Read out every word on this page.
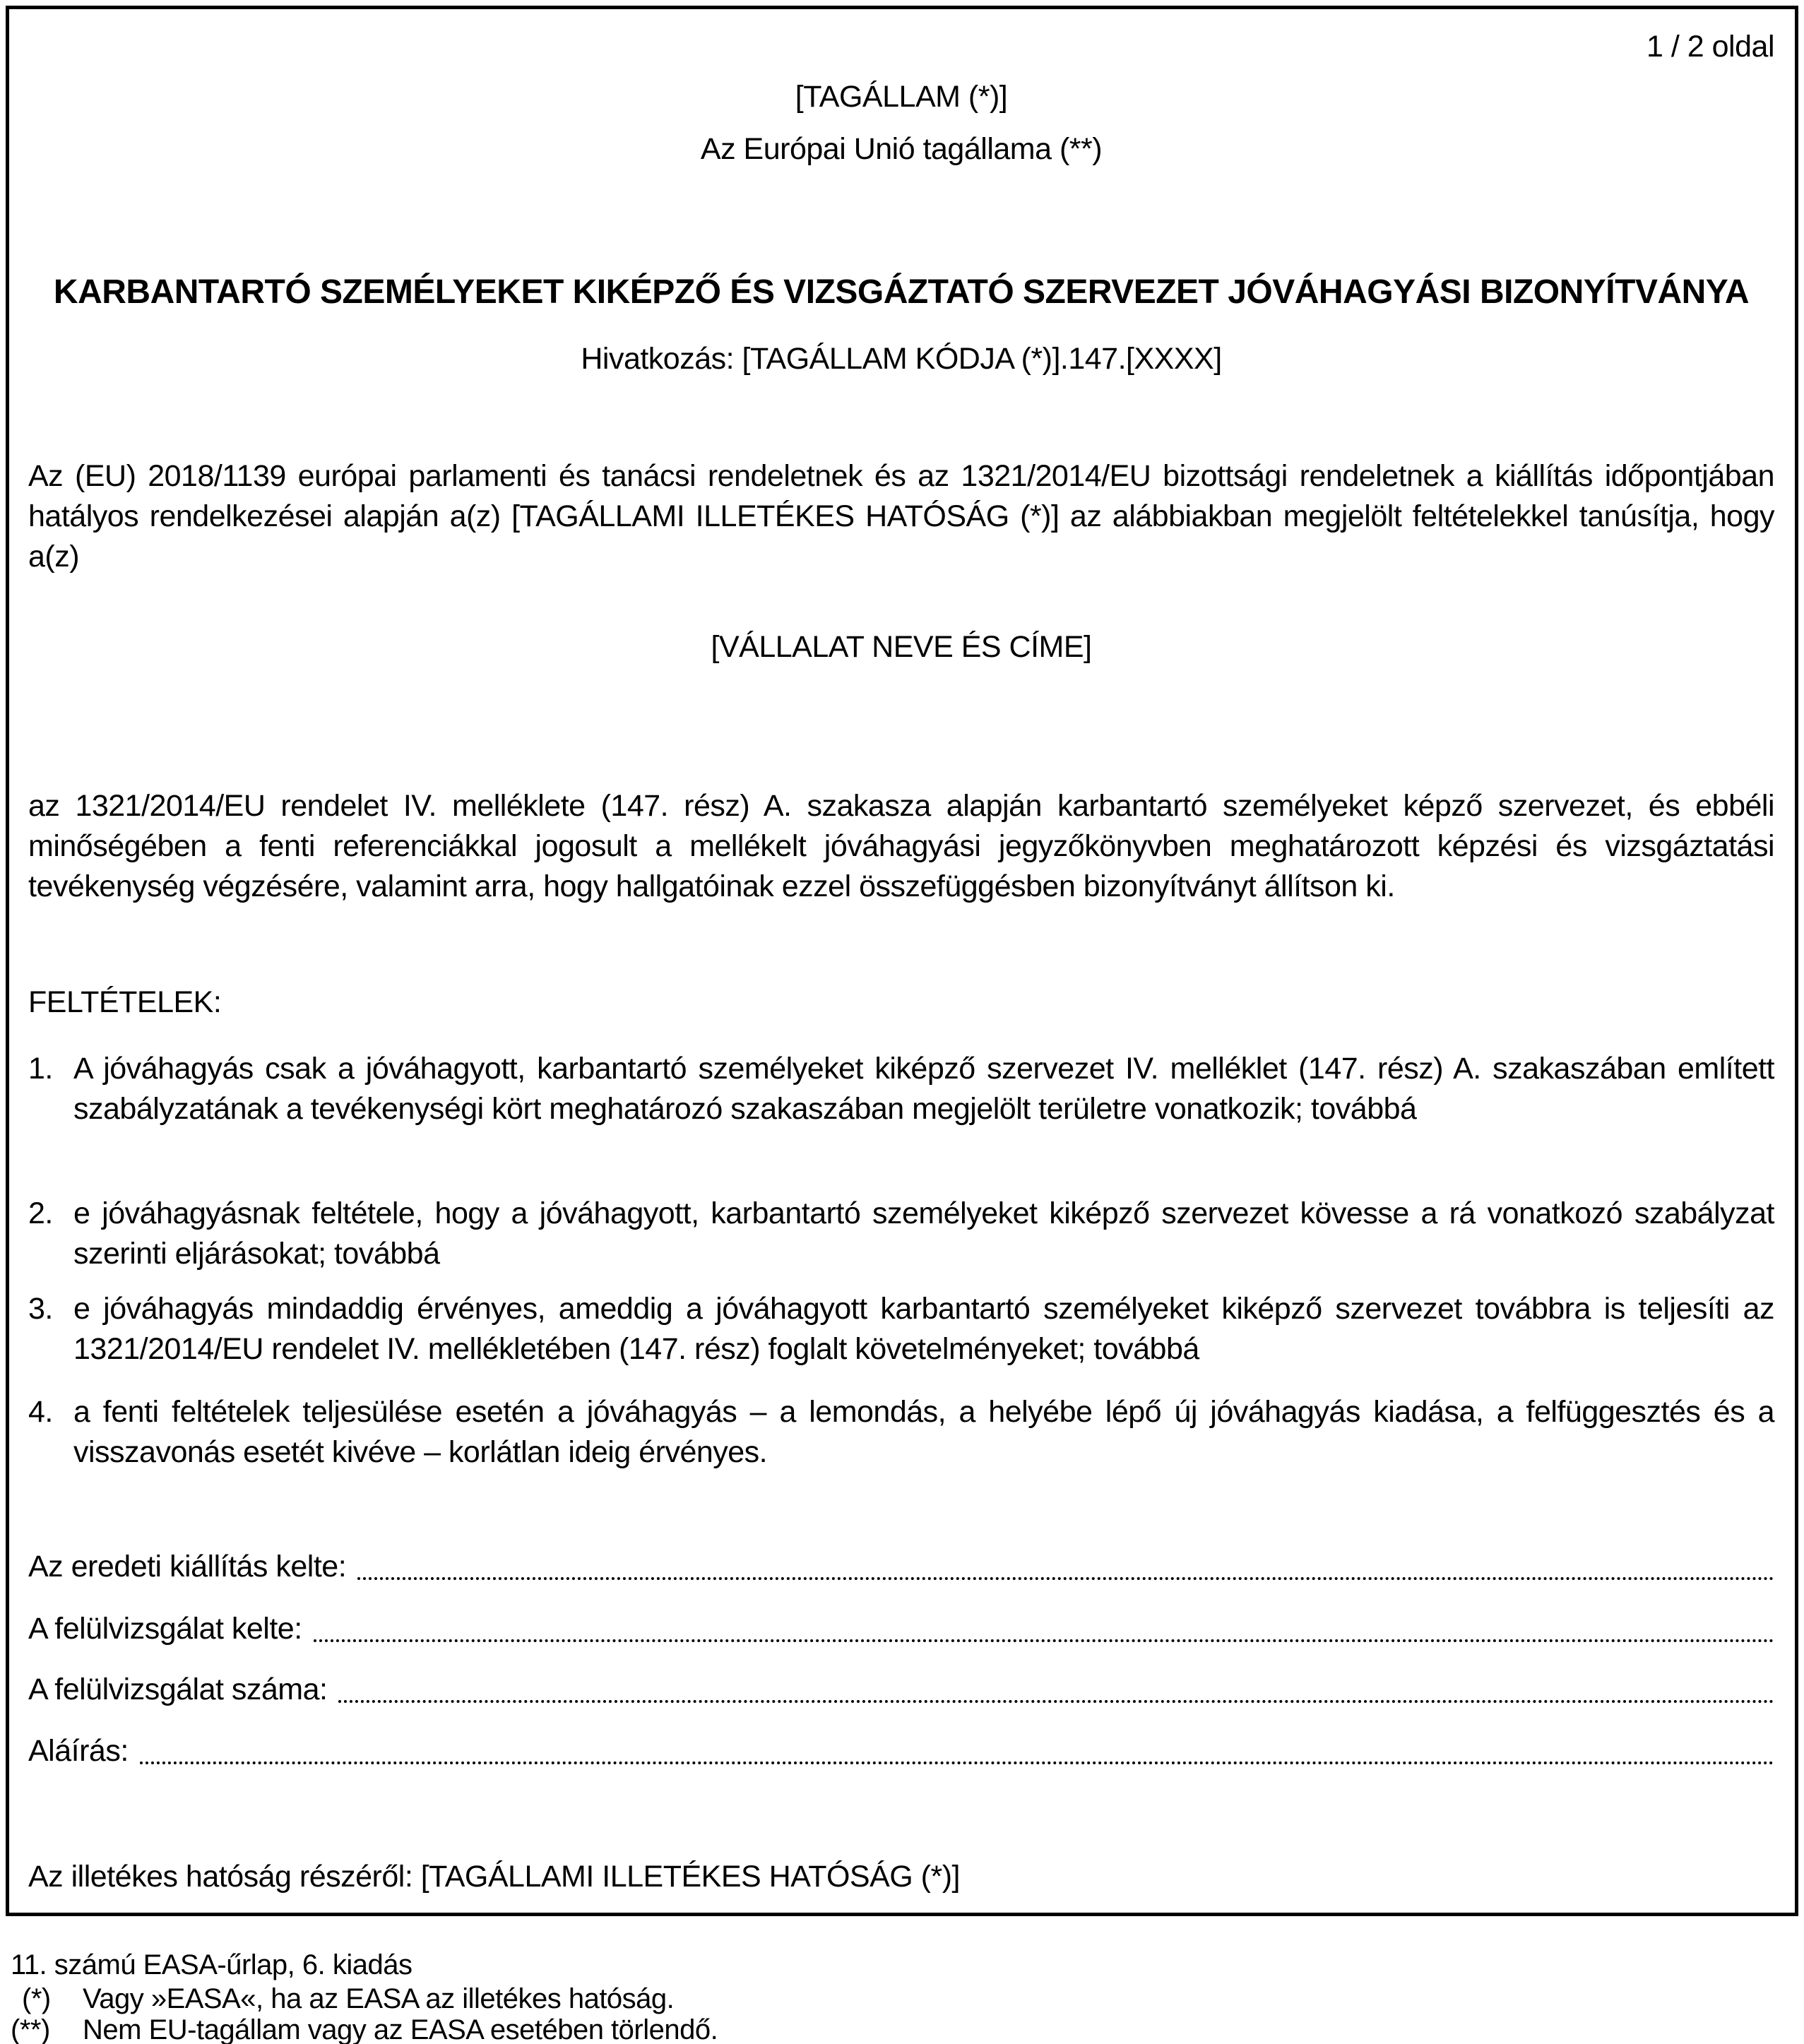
1 / 2 oldal
[TAGÁLLAM (*)]
Az Európai Unió tagállama (**)
KARBANTARTÓ SZEMÉLYEKET KIKÉPZŐ ÉS VIZSGÁZTATÓ SZERVEZET JÓVÁHAGYÁSI BIZONYÍTVÁNYA
Hivatkozás: [TAGÁLLAM KÓDJA (*)].147.[XXXX]
Az (EU) 2018/1139 európai parlamenti és tanácsi rendeletnek és az 1321/2014/EU bizottsági rendeletnek a kiállítás időpontjában hatályos rendelkezései alapján a(z) [TAGÁLLAMI ILLETÉKES HATÓSÁG (*)] az alábbiakban megjelölt feltételekkel tanúsítja, hogy a(z)
[VÁLLALAT NEVE ÉS CÍME]
az 1321/2014/EU rendelet IV. melléklete (147. rész) A. szakasza alapján karbantartó személyeket képző szervezet, és ebbéli minőségében a fenti referenciákkal jogosult a mellékelt jóváhagyási jegyzőkönyvben meghatározott képzési és vizsgáztatási tevékenység végzésére, valamint arra, hogy hallgatóinak ezzel összefüggésben bizonyítványt állítson ki.
FELTÉTELEK:
1. A jóváhagyás csak a jóváhagyott, karbantartó személyeket kiképző szervezet IV. melléklet (147. rész) A. szakaszában említett szabályzatának a tevékenységi kört meghatározó szakaszában megjelölt területre vonatkozik; továbbá
2. e jóváhagyásnak feltétele, hogy a jóváhagyott, karbantartó személyeket kiképző szervezet kövesse a rá vonatkozó szabályzat szerinti eljárásokat; továbbá
3. e jóváhagyás mindaddig érvényes, ameddig a jóváhagyott karbantartó személyeket kiképző szervezet továbbra is teljesíti az 1321/2014/EU rendelet IV. mellékletében (147. rész) foglalt követelményeket; továbbá
4. a fenti feltételek teljesülése esetén a jóváhagyás – a lemondás, a helyébe lépő új jóváhagyás kiadása, a felfüggesztés és a visszavonás esetét kivéve – korlátlan ideig érvényes.
Az eredeti kiállítás kelte:
A felülvizsgálat kelte:
A felülvizsgálat száma:
Aláírás:
Az illetékes hatóság részéről: [TAGÁLLAMI ILLETÉKES HATÓSÁG (*)]
11. számú EASA-űrlap, 6. kiadás
(*)	Vagy »EASA«, ha az EASA az illetékes hatóság.
(**)	Nem EU-tagállam vagy az EASA esetében törlendő.
